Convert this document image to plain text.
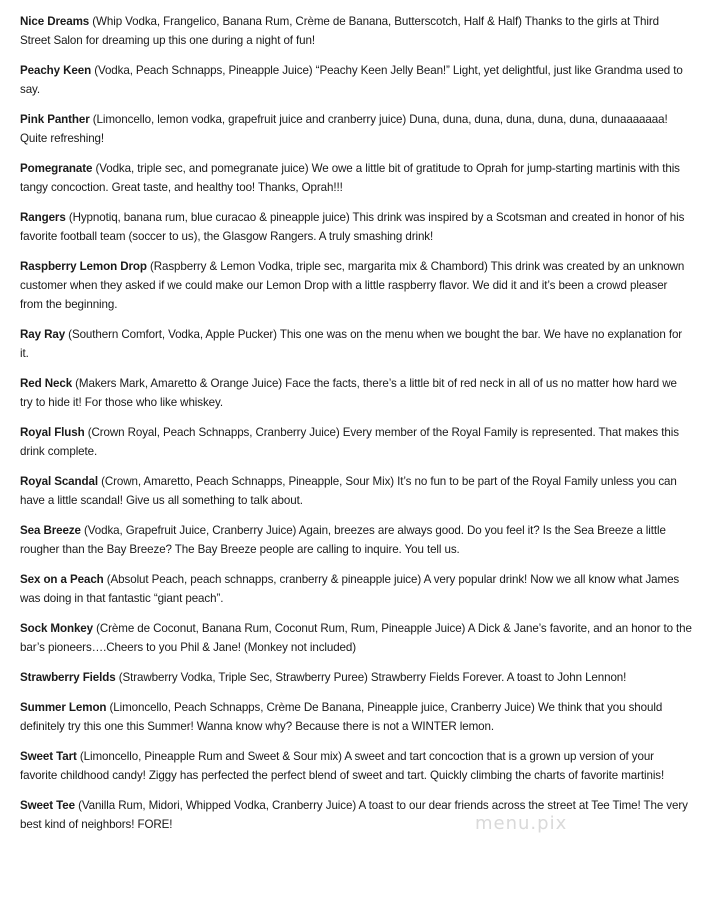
Nice Dreams (Whip Vodka, Frangelico, Banana Rum, Crème de Banana, Butterscotch, Half & Half) Thanks to the girls at Third Street Salon for dreaming up this one during a night of fun!

Peachy Keen (Vodka, Peach Schnapps, Pineapple Juice) “Peachy Keen Jelly Bean!” Light, yet delightful, just like Grandma used to say.

Pink Panther (Limoncello, lemon vodka, grapefruit juice and cranberry juice) Duna, duna, duna, duna, duna, duna, dunaaaaaaa! Quite refreshing!

Pomegranate (Vodka, triple sec, and pomegranate juice) We owe a little bit of gratitude to Oprah for jump-starting martinis with this tangy concoction. Great taste, and healthy too! Thanks, Oprah!!!

Rangers (Hypnotiq, banana rum, blue curacao & pineapple juice) This drink was inspired by a Scotsman and created in honor of his favorite football team (soccer to us), the Glasgow Rangers. A truly smashing drink!

Raspberry Lemon Drop (Raspberry & Lemon Vodka, triple sec, margarita mix & Chambord) This drink was created by an unknown customer when they asked if we could make our Lemon Drop with a little raspberry flavor. We did it and it’s been a crowd pleaser from the beginning.

Ray Ray (Southern Comfort, Vodka, Apple Pucker) This one was on the menu when we bought the bar. We have no explanation for it.

Red Neck (Makers Mark, Amaretto & Orange Juice) Face the facts, there’s a little bit of red neck in all of us no matter how hard we try to hide it! For those who like whiskey.

Royal Flush (Crown Royal, Peach Schnapps, Cranberry Juice) Every member of the Royal Family is represented. That makes this drink complete.

Royal Scandal (Crown, Amaretto, Peach Schnapps, Pineapple, Sour Mix) It’s no fun to be part of the Royal Family unless you can have a little scandal! Give us all something to talk about.

Sea Breeze (Vodka, Grapefruit Juice, Cranberry Juice) Again, breezes are always good. Do you feel it? Is the Sea Breeze a little rougher than the Bay Breeze? The Bay Breeze people are calling to inquire. You tell us.

Sex on a Peach (Absolut Peach, peach schnapps, cranberry & pineapple juice) A very popular drink! Now we all know what James was doing in that fantastic “giant peach”.

Sock Monkey (Crème de Coconut, Banana Rum, Coconut Rum, Rum, Pineapple Juice) A Dick & Jane’s favorite, and an honor to the bar’s pioneers….Cheers to you Phil & Jane! (Monkey not included)

Strawberry Fields (Strawberry Vodka, Triple Sec, Strawberry Puree) Strawberry Fields Forever. A toast to John Lennon!

Summer Lemon (Limoncello, Peach Schnapps, Crème De Banana, Pineapple juice, Cranberry Juice) We think that you should definitely try this one this Summer! Wanna know why? Because there is not a WINTER lemon.

Sweet Tart (Limoncello, Pineapple Rum and Sweet & Sour mix) A sweet and tart concoction that is a grown up version of your favorite childhood candy! Ziggy has perfected the perfect blend of sweet and tart. Quickly climbing the charts of favorite martinis!

Sweet Tee (Vanilla Rum, Midori, Whipped Vodka, Cranberry Juice) A toast to our dear friends across the street at Tee Time! The very best kind of neighbors! FORE!	menu.pix
